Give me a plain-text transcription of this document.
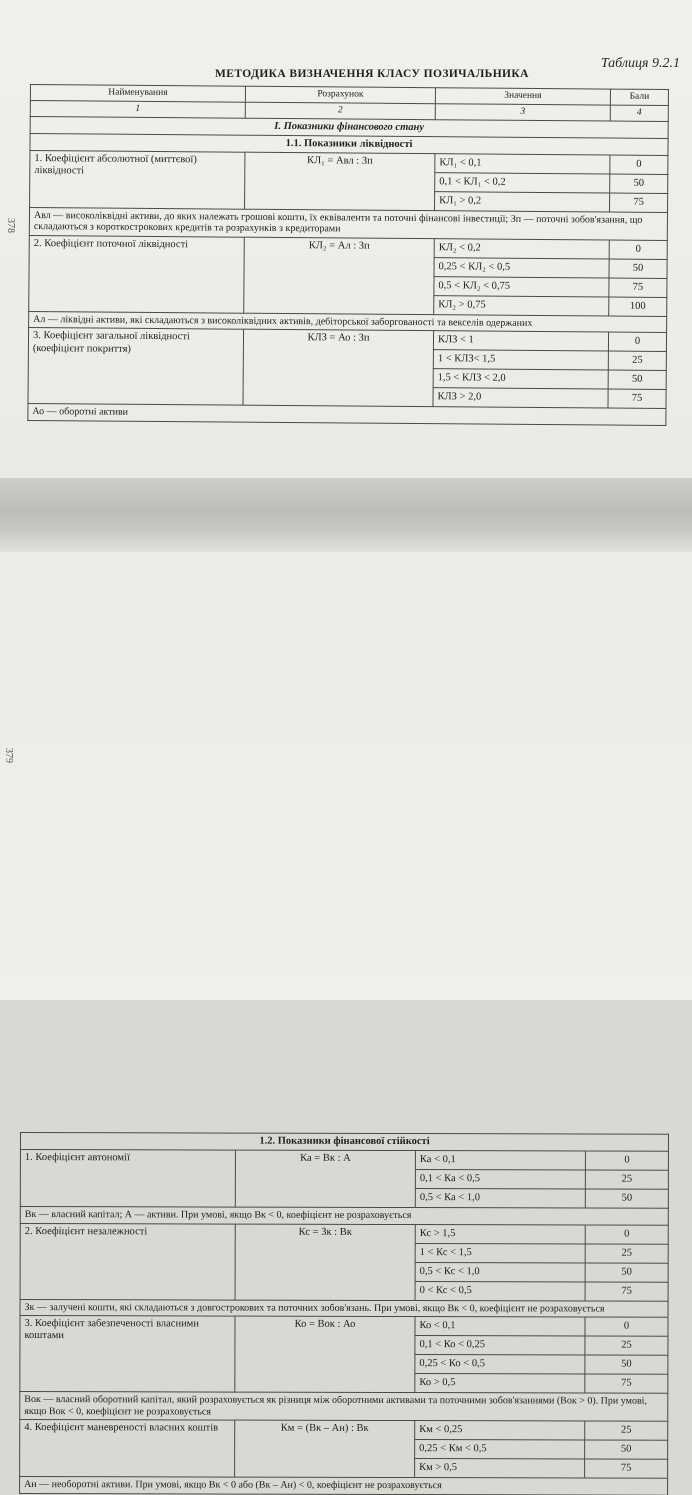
378
Таблиця 9.2.1
МЕТОДИКА ВИЗНАЧЕННЯ КЛАСУ ПОЗИЧАЛЬНИКА
Найменування	Розрахунок	Значення	Бали
1	2	3	4
I. Показники фінансового стану			
1.1. Показники ліквідності			
1. Коефіцієнт абсолютної (миттєвої) ліквідності	КЛ₁ = Авл : Зп	КЛ₁ < 0,1	0
		0,1 < КЛ₁ < 0,2	50
		КЛ₁ > 0,2	75
Авл — високоліквідні активи, до яких належать грошові кошти, їх еквіваленти та поточні фінансові інвестиції; Зп — поточні зобов'язання, що складаються з короткострокових кредитів та розрахунків з кредиторами			
2. Коефіцієнт поточної ліквідності	КЛ₂ = Ал : Зп	КЛ₂ < 0,2	0
		0,25 < КЛ₂ < 0,5	50
		0,5 < КЛ₂ < 0,75	75
		КЛ₂ > 0,75	100
Ал — ліквідні активи, які складаються з високоліквідних активів, дебіторської заборгованості та векселів одержаних			
3. Коефіцієнт загальної ліквідності (коефіцієнт покриття)	КЛЗ = Ао : Зп	КЛЗ < 1	0
		1 < КЛЗ< 1,5	25
		1,5 < КЛЗ < 2,0	50
		КЛЗ > 2,0	75
Ао — оборотні активи			
379
1.2. Показники фінансової стійкості			
1. Коефіцієнт автономії	Ка = Вк : А	Ка < 0,1	0
		0,1 < Ка < 0,5	25
		0,5 < Ка < 1,0	50
Вк — власний капітал; А — активи. При умові, якщо Вк < 0, коефіцієнт не розраховується			
2. Коефіцієнт незалежності	Кс = Зк : Вк	Кс > 1,5	0
		1 < Кс < 1,5	25
		0,5 < Кс < 1,0	50
		0 < Кс < 0,5	75
Зк — залучені кошти, які складаються з довгострокових та поточних зобов'язань. При умові, якщо Вк < 0, коефіцієнт не розраховується			
3. Коефіцієнт забезпеченості власними коштами	Ко = Вок : Ао	Ко < 0,1	0
		0,1 < Ко < 0,25	25
		0,25 < Ко < 0,5	50
		Ко > 0,5	75
Вок — власний оборотний капітал, який розраховується як різниця між оборотними активами та поточними зобов'язаннями (Вок > 0). При умові, якщо Вок < 0, коефіцієнт не розраховується			
4. Коефіцієнт маневреності власних коштів	Км = (Вк – Ан) : Вк	Км < 0,25	25
		0,25 < Км < 0,5	50
		Км > 0,5	75
Ан — необоротні активи. При умові, якщо Вк < 0 або (Вк – Ан) < 0, коефіцієнт не розраховується			
